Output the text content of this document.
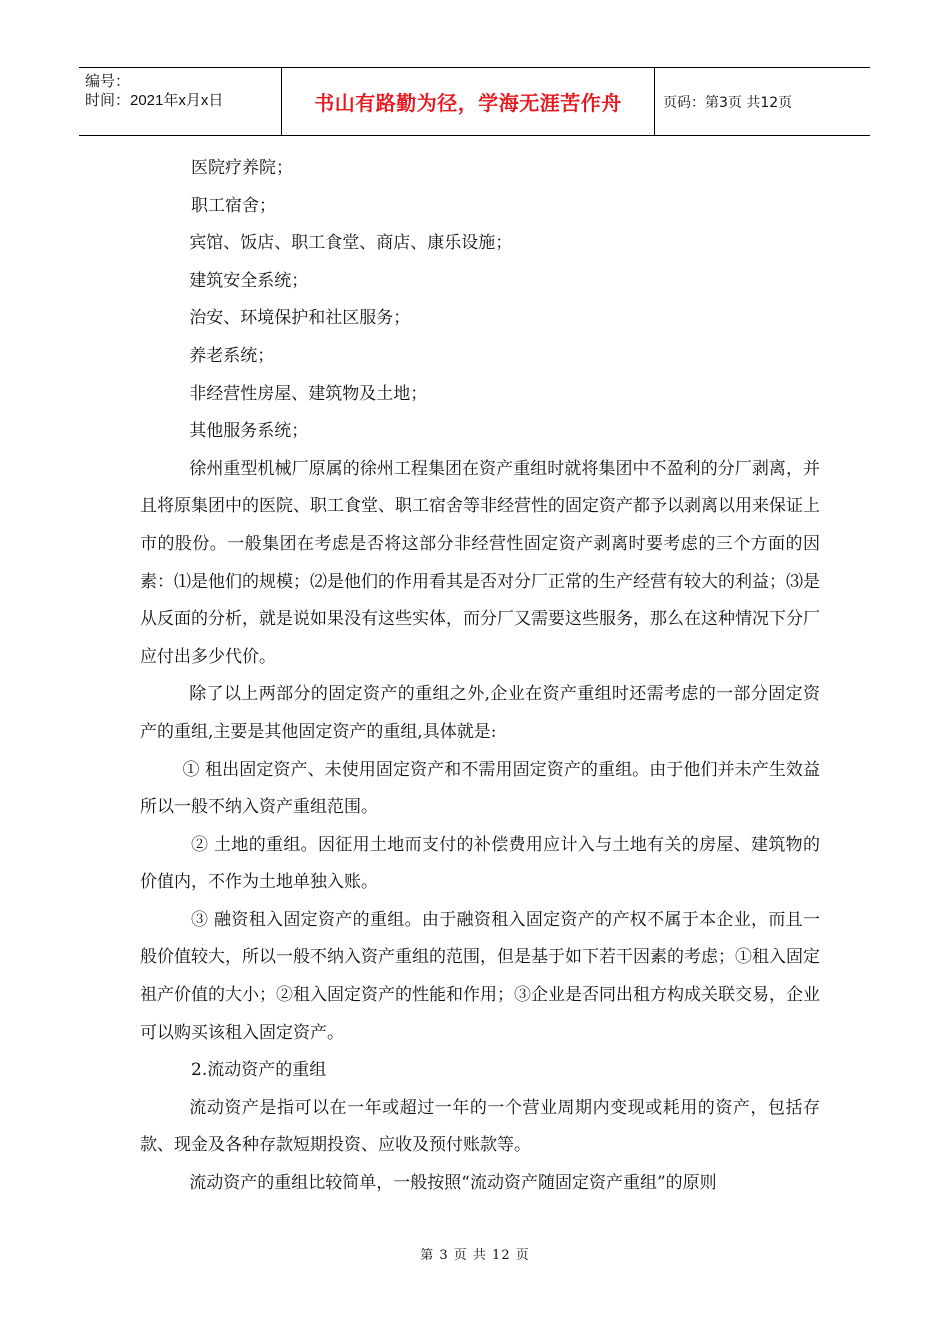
编号：
时间：2021年x月x日	书山有路勤为径，学海无涯苦作舟	页码：第3页 共12页

医院疗养院；

职工宿舍；

宾馆、饭店、职工食堂、商店、康乐设施；

建筑安全系统；

治安、环境保护和社区服务；

养老系统；

非经营性房屋、建筑物及土地；

其他服务系统；

徐州重型机械厂原属的徐州工程集团在资产重组时就将集团中不盈利的分厂剥离，并且将原集团中的医院、职工食堂、职工宿舍等非经营性的固定资产都予以剥离以用来保证上市的股份。一般集团在考虑是否将这部分非经营性固定资产剥离时要考虑的三个方面的因素：⑴是他们的规模；⑵是他们的作用看其是否对分厂正常的生产经营有较大的利益；⑶是从反面的分析，就是说如果没有这些实体，而分厂又需要这些服务，那么在这种情况下分厂应付出多少代价。

除了以上两部分的固定资产的重组之外,企业在资产重组时还需考虑的一部分固定资产的重组,主要是其他固定资产的重组,具体就是:

① 租出固定资产、未使用固定资产和不需用固定资产的重组。由于他们并未产生效益所以一般不纳入资产重组范围。

② 土地的重组。因征用土地而支付的补偿费用应计入与土地有关的房屋、建筑物的价值内，不作为土地单独入账。

③ 融资租入固定资产的重组。由于融资租入固定资产的产权不属于本企业，而且一般价值较大，所以一般不纳入资产重组的范围，但是基于如下若干因素的考虑；①租入固定祖产价值的大小；②租入固定资产的性能和作用；③企业是否同出租方构成关联交易，企业可以购买该租入固定资产。

2.流动资产的重组

流动资产是指可以在一年或超过一年的一个营业周期内变现或耗用的资产，包括存款、现金及各种存款短期投资、应收及预付账款等。

流动资产的重组比较简单，一般按照“流动资产随固定资产重组”的原则

第 3 页 共 12 页
